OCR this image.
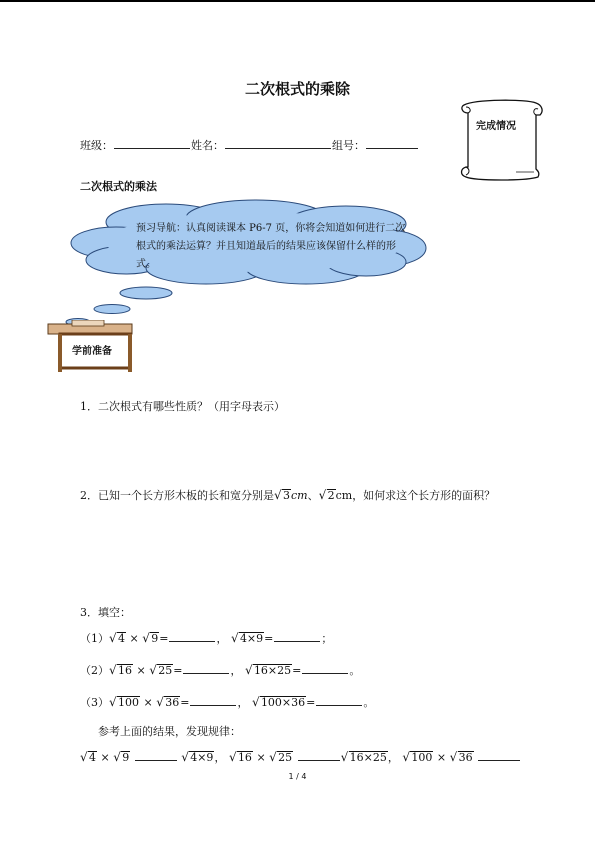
二次根式的乘除
班级：	姓名：	组号：
完成情况
二次根式的乘法
预习导航：认真阅读课本 P6-7 页，你将会知道如何进行二次根式的乘法运算？并且知道最后的结果应该保留什么样的形式。
学前准备
1．二次根式有哪些性质？（用字母表示）
2．已知一个长方形木板的长和宽分别是 √ 3cm、 √ 2cm，如何求这个长方形的面积？
3．填空：
（1） √ 4 × √ 9=	， √ 4×9=	；
（2） √ 16 × √ 25=	， √ 16×25=	。
（3） √ 100 × √ 36=	， √ 100×36=	。
参考上面的结果，发现规律：
√ 4 × √ 9	√ 4×9， √ 16 × √ 25	√ 16×25， √ 100 × √ 36
1 / 4
